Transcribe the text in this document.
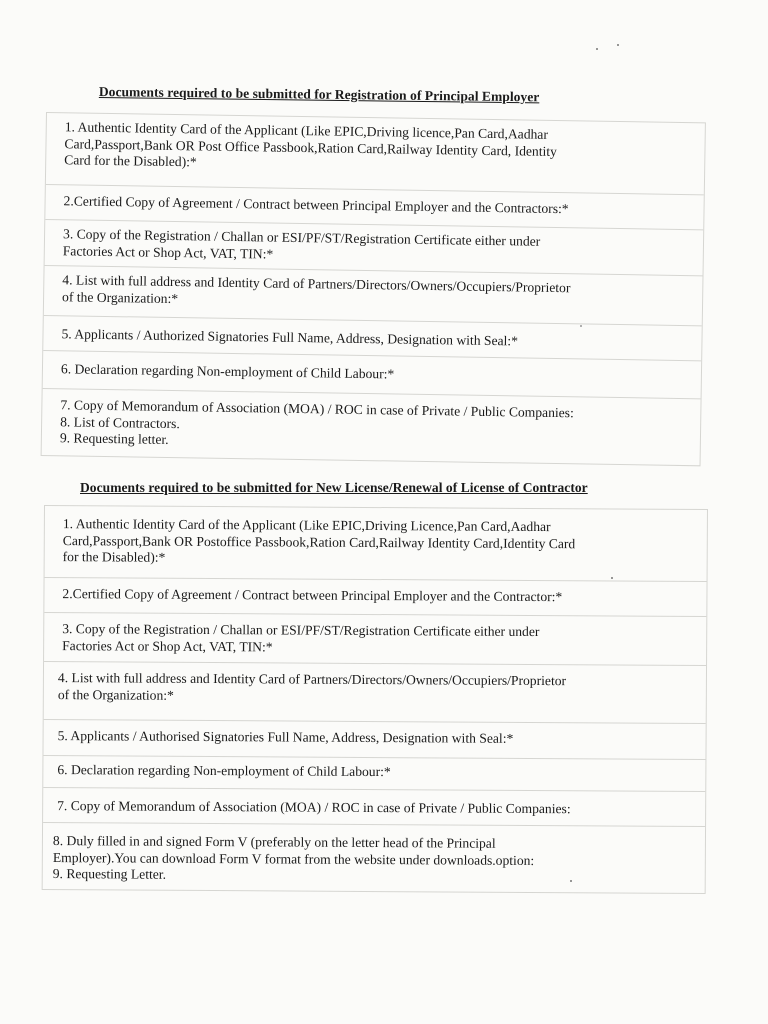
Documents required to be submitted for Registration of Principal Employer
1. Authentic Identity Card of the Applicant (Like EPIC,Driving licence,Pan Card,Aadhar
Card,Passport,Bank OR Post Office Passbook,Ration Card,Railway Identity Card, Identity
Card for the Disabled):*
2.Certified Copy of Agreement / Contract between Principal Employer and the Contractors:*
3. Copy of the Registration / Challan or ESI/PF/ST/Registration Certificate either under
Factories Act or Shop Act, VAT, TIN:*
4. List with full address and Identity Card of Partners/Directors/Owners/Occupiers/Proprietor
of the Organization:*
5. Applicants / Authorized Signatories Full Name, Address, Designation with Seal:*
6. Declaration regarding Non-employment of Child Labour:*
7. Copy of Memorandum of Association (MOA) / ROC in case of Private / Public Companies:
8. List of Contractors.
9. Requesting letter.
Documents required to be submitted for New License/Renewal of License of Contractor
1. Authentic Identity Card of the Applicant (Like EPIC,Driving Licence,Pan Card,Aadhar
Card,Passport,Bank OR Postoffice Passbook,Ration Card,Railway Identity Card,Identity Card
for the Disabled):*
2.Certified Copy of Agreement / Contract between Principal Employer and the Contractor:*
3. Copy of the Registration / Challan or ESI/PF/ST/Registration Certificate either under
Factories Act or Shop Act, VAT, TIN:*
4. List with full address and Identity Card of Partners/Directors/Owners/Occupiers/Proprietor
of the Organization:*
5. Applicants / Authorised Signatories Full Name, Address, Designation with Seal:*
6. Declaration regarding Non-employment of Child Labour:*
7. Copy of Memorandum of Association (MOA) / ROC in case of Private / Public Companies:
8. Duly filled in and signed Form V (preferably on the letter head of the Principal
Employer).You can download Form V format from the website under downloads.option:
9. Requesting Letter.
